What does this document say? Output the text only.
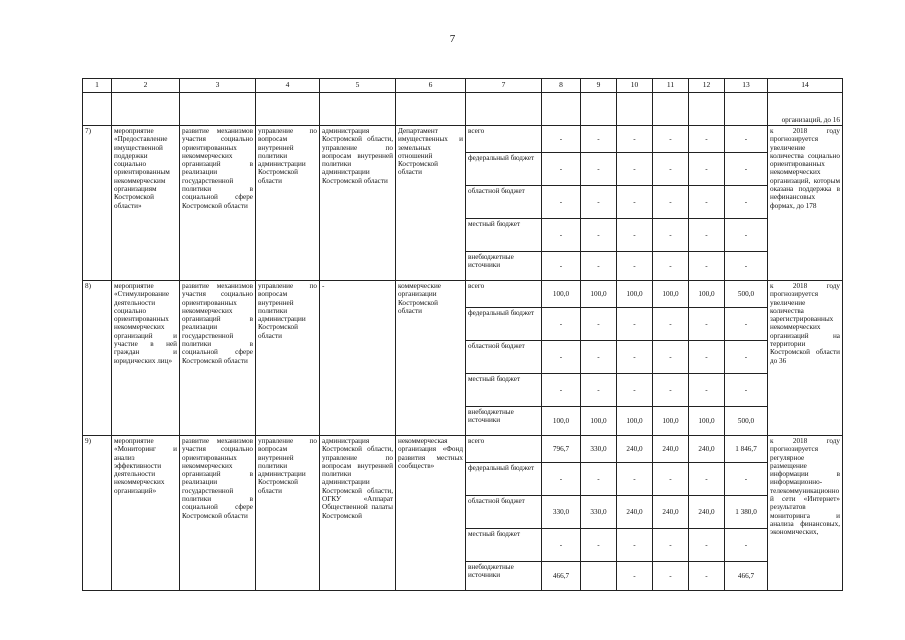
7
1	2	3	4	5	6	7	8	9	10	11	12	13	14
													организаций, до 16
7)	мероприятие «Предоставление имущественной поддержки социально ориентированным некоммерческим организациям Костромской области»	развитие механизмов участия социально ориентированных некоммерческих организаций в реализации государственной политики в социальной сфере Костромской области	управление по вопросам внутренней политики администрации Костромской области	администрация Костромской области, управление по вопросам внутренней политики администрации Костромской области	Департамент имущественных и земельных отношений Костромской области	всего	-	-	-	-	-	-	к 2018 году прогнозируется увеличение количества социально ориентированных некоммерческих организаций, которым оказана поддержка в нефинансовых формах, до 178
						федеральный бюджет	-	-	-	-	-	-	
						областной бюджет	-	-	-	-	-	-	
						местный бюджет	-	-	-	-	-	-	
						внебюджетные источники	-	-	-	-	-	-	
8)	мероприятие «Стимулирование деятельности социально ориентированных некоммерческих организаций и участие в ней граждан и юридических лиц»	развитие механизмов участия социально ориентированных некоммерческих организаций в реализации государственной политики в социальной сфере Костромской области	управление по вопросам внутренней политики администрации Костромской области	-	коммерческие организации Костромской области	всего	100,0	100,0	100,0	100,0	100,0	500,0	к 2018 году прогнозируется увеличение количества зарегистрированных некоммерческих организаций на территории Костромской области до 36
						федеральный бюджет	-	-	-	-	-	-	
						областной бюджет	-	-	-	-	-	-	
						местный бюджет	-	-	-	-	-	-	
						внебюджетные источники	100,0	100,0	100,0	100,0	100,0	500,0	
9)	мероприятие «Мониторинг и анализ эффективности деятельности некоммерческих организаций»	развитие механизмов участия социально ориентированных некоммерческих организаций в реализации государственной политики в социальной сфере Костромской области	управление по вопросам внутренней политики администрации Костромской области	администрация Костромской области, управление по вопросам внутренней политики администрации Костромской области, ОГКУ «Аппарат Общественной палаты Костромской	некоммерческая организация «Фонд развития местных сообществ»	всего	796,7	330,0	240,0	240,0	240,0	1 846,7	к 2018 году прогнозируется регулярное размещение информации в информационно-телекоммуникационной сети «Интернет» результатов мониторинга и анализа финансовых, экономических,
						федеральный бюджет	-	-	-	-	-	-	
						областной бюджет	330,0	330,0	240,0	240,0	240,0	1 380,0	
						местный бюджет	-	-	-	-	-	-	
						внебюджетные источники	466,7		-	-	-	466,7	
